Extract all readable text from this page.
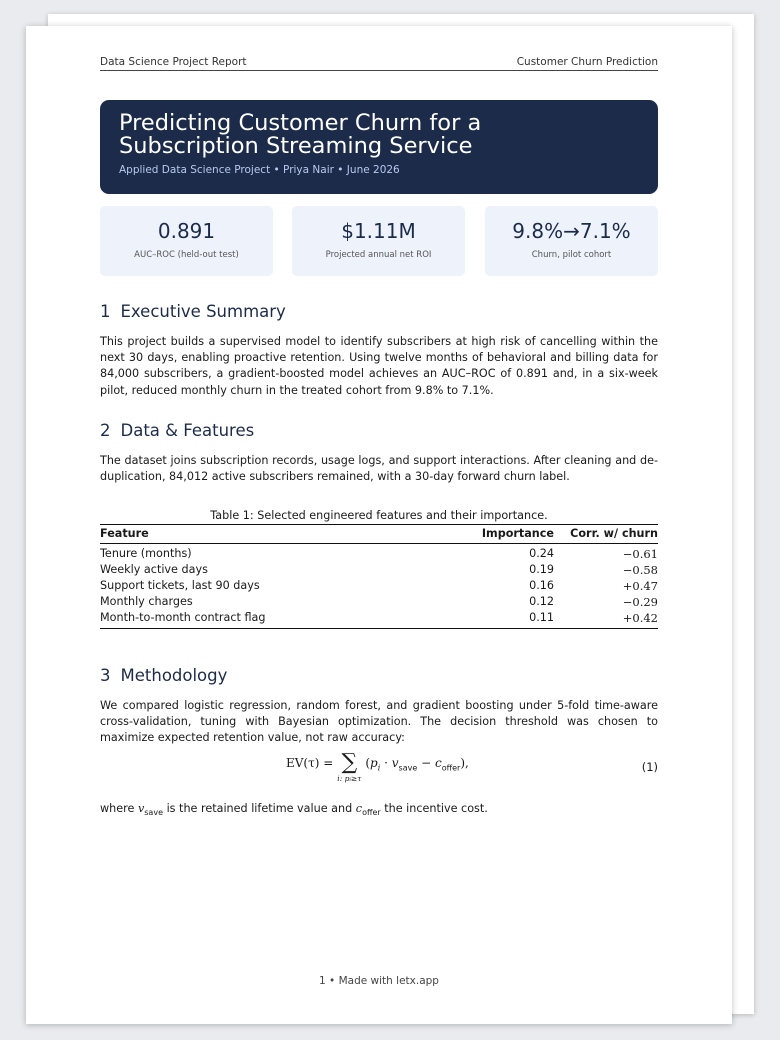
Data Science Project Report	Customer Churn Prediction
Predicting Customer Churn for a
Subscription Streaming Service
Applied Data Science Project • Priya Nair • June 2026
0.891
AUC–ROC (held-out test)
$1.11M
Projected annual net ROI
9.8%→7.1%
Churn, pilot cohort
1 Executive Summary

This project builds a supervised model to identify subscribers at high risk of cancelling within the next 30 days, enabling proactive retention. Using twelve months of behavioral and billing data for 84,000 subscribers, a gradient-boosted model achieves an AUC–ROC of 0.891 and, in a six-week pilot, reduced monthly churn in the treated cohort from 9.8% to 7.1%.

2 Data & Features

The dataset joins subscription records, usage logs, and support interactions. After cleaning and de-duplication, 84,012 active subscribers remained, with a 30-day forward churn label.

Table 1: Selected engineered features and their importance.
Feature	Importance	Corr. w/ churn
Tenure (months)	0.24	−0.61
Weekly active days	0.19	−0.58
Support tickets, last 90 days	0.16	+0.47
Monthly charges	0.12	−0.29
Month-to-month contract flag	0.11	+0.42
3 Methodology

We compared logistic regression, random forest, and gradient boosting under 5-fold time-aware cross-validation, tuning with Bayesian optimization. The decision threshold was chosen to maximize expected retention value, not raw accuracy:

EV(τ) = ∑
i: pᵢ≥τ
$(p_i \cdot v_{save} - c_{offer})$,	(1)
where $v_{save}$ is the retained lifetime value and $c_{offer}$ the incentive cost.
1 • Made with letx.app
